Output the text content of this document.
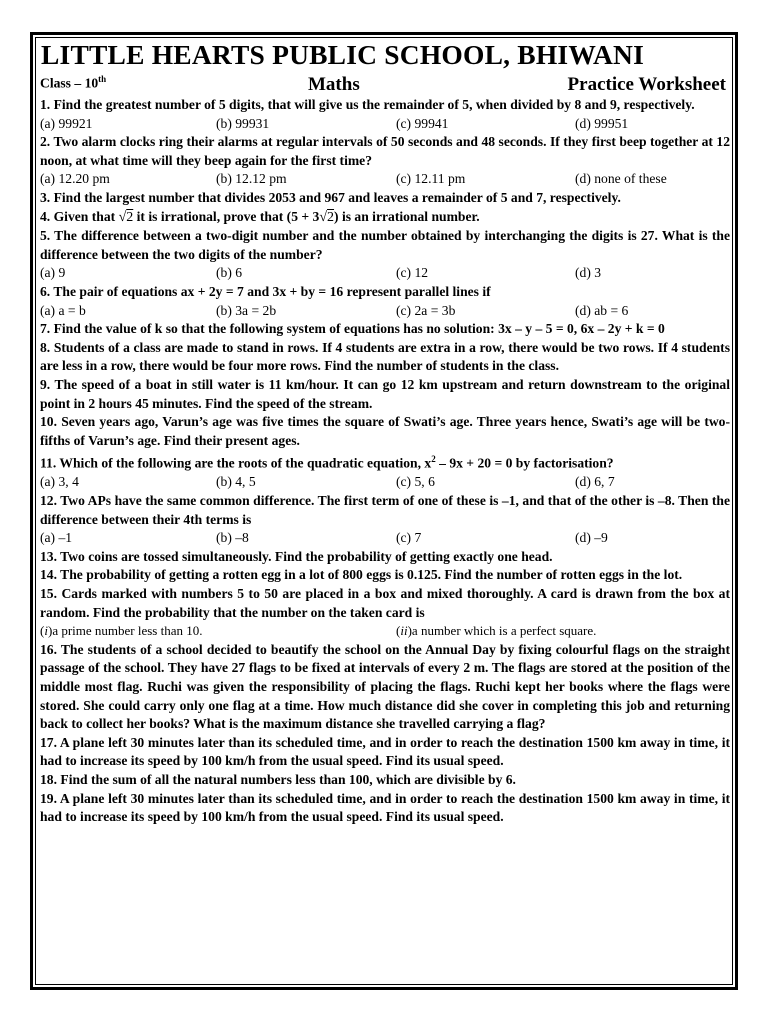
LITTLE HEARTS PUBLIC SCHOOL, BHIWANI
Class – 10th	Maths	Practice Worksheet
1. Find the greatest number of 5 digits, that will give us the remainder of 5, when divided by 8 and 9, respectively.
(a) 99921	(b) 99931	(c) 99941	(d) 99951
2. Two alarm clocks ring their alarms at regular intervals of 50 seconds and 48 seconds. If they first beep together at 12 noon, at what time will they beep again for the first time?
(a) 12.20 pm	(b) 12.12 pm	(c) 12.11 pm	(d) none of these
3. Find the largest number that divides 2053 and 967 and leaves a remainder of 5 and 7, respectively.
4. Given that √2 it is irrational, prove that (5 + 3√2) is an irrational number.
5. The difference between a two-digit number and the number obtained by interchanging the digits is 27. What is the difference between the two digits of the number?
(a) 9	(b) 6	(c) 12	(d) 3
6. The pair of equations ax + 2y = 7 and 3x + by = 16 represent parallel lines if
(a) a = b	(b) 3a = 2b	(c) 2a = 3b	(d) ab = 6
7. Find the value of k so that the following system of equations has no solution: 3x – y – 5 = 0, 6x – 2y + k = 0
8. Students of a class are made to stand in rows. If 4 students are extra in a row, there would be two rows. If 4 students are less in a row, there would be four more rows. Find the number of students in the class.
9. The speed of a boat in still water is 11 km/hour. It can go 12 km upstream and return downstream to the original point in 2 hours 45 minutes. Find the speed of the stream.
10. Seven years ago, Varun’s age was five times the square of Swati’s age. Three years hence, Swati’s age will be two-fifths of Varun’s age. Find their present ages.
11. Which of the following are the roots of the quadratic equation, $x^2 - 9x + 20 = 0$ by factorisation?
(a) 3, 4	(b) 4, 5	(c) 5, 6	(d) 6, 7
12. Two APs have the same common difference. The first term of one of these is –1, and that of the other is –8. Then the difference between their 4th terms is
(a) –1	(b) –8	(c) 7	(d) –9
13. Two coins are tossed simultaneously. Find the probability of getting exactly one head.
14. The probability of getting a rotten egg in a lot of 800 eggs is 0.125. Find the number of rotten eggs in the lot.
15. Cards marked with numbers 5 to 50 are placed in a box and mixed thoroughly. A card is drawn from the box at random. Find the probability that the number on the taken card is
(i) a prime number less than 10.	(ii) a number which is a perfect square.
16. The students of a school decided to beautify the school on the Annual Day by fixing colourful flags on the straight passage of the school. They have 27 flags to be fixed at intervals of every 2 m. The flags are stored at the position of the middle most flag. Ruchi was given the responsibility of placing the flags. Ruchi kept her books where the flags were stored. She could carry only one flag at a time. How much distance did she cover in completing this job and returning back to collect her books? What is the maximum distance she travelled carrying a flag?
17. A plane left 30 minutes later than its scheduled time, and in order to reach the destination 1500 km away in time, it had to increase its speed by 100 km/h from the usual speed. Find its usual speed.
18. Find the sum of all the natural numbers less than 100, which are divisible by 6.
19. A plane left 30 minutes later than its scheduled time, and in order to reach the destination 1500 km away in time, it had to increase its speed by 100 km/h from the usual speed. Find its usual speed.
